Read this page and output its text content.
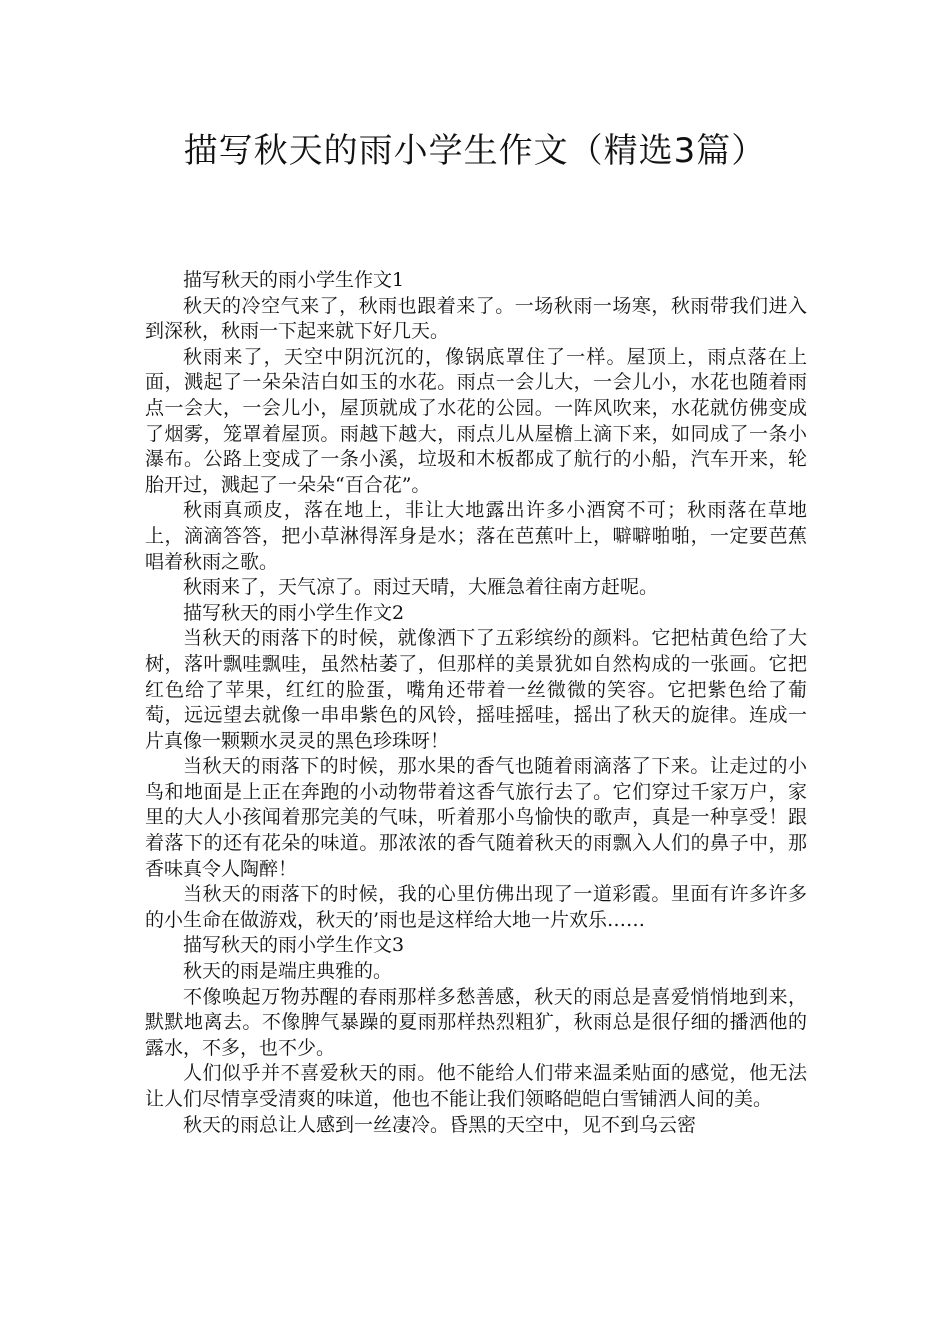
描写秋天的雨小学生作文（精选3篇）

描写秋天的雨小学生作文1

秋天的冷空气来了，秋雨也跟着来了。一场秋雨一场寒，秋雨带我们进入到深秋，秋雨一下起来就下好几天。

秋雨来了，天空中阴沉沉的，像锅底罩住了一样。屋顶上，雨点落在上面，溅起了一朵朵洁白如玉的水花。雨点一会儿大，一会儿小，水花也随着雨点一会大，一会儿小，屋顶就成了水花的公园。一阵风吹来，水花就仿佛变成了烟雾，笼罩着屋顶。雨越下越大，雨点儿从屋檐上滴下来，如同成了一条小瀑布。公路上变成了一条小溪，垃圾和木板都成了航行的小船，汽车开来，轮胎开过，溅起了一朵朵“百合花”。

秋雨真顽皮，落在地上，非让大地露出许多小酒窝不可；秋雨落在草地上，滴滴答答，把小草淋得浑身是水；落在芭蕉叶上，噼噼啪啪，一定要芭蕉唱着秋雨之歌。

秋雨来了，天气凉了。雨过天晴，大雁急着往南方赶呢。

描写秋天的雨小学生作文2

当秋天的雨落下的时候，就像洒下了五彩缤纷的颜料。它把枯黄色给了大树，落叶飘哇飘哇，虽然枯萎了，但那样的美景犹如自然构成的一张画。它把红色给了苹果，红红的脸蛋，嘴角还带着一丝微微的笑容。它把紫色给了葡萄，远远望去就像一串串紫色的风铃，摇哇摇哇，摇出了秋天的旋律。连成一片真像一颗颗水灵灵的黑色珍珠呀！

当秋天的雨落下的时候，那水果的香气也随着雨滴落了下来。让走过的小鸟和地面是上正在奔跑的小动物带着这香气旅行去了。它们穿过千家万户，家里的大人小孩闻着那完美的气味，听着那小鸟愉快的歌声，真是一种享受！跟着落下的还有花朵的味道。那浓浓的香气随着秋天的雨飘入人们的鼻子中，那香味真令人陶醉！

当秋天的雨落下的时候，我的心里仿佛出现了一道彩霞。里面有许多许多的小生命在做游戏，秋天的’雨也是这样给大地一片欢乐……

描写秋天的雨小学生作文3

秋天的雨是端庄典雅的。

不像唤起万物苏醒的春雨那样多愁善感，秋天的雨总是喜爱悄悄地到来，默默地离去。不像脾气暴躁的夏雨那样热烈粗犷，秋雨总是很仔细的播洒他的露水，不多，也不少。

人们似乎并不喜爱秋天的雨。他不能给人们带来温柔贴面的感觉，他无法让人们尽情享受清爽的味道，他也不能让我们领略皑皑白雪铺洒人间的美。

秋天的雨总让人感到一丝凄冷。昏黑的天空中，见不到乌云密
